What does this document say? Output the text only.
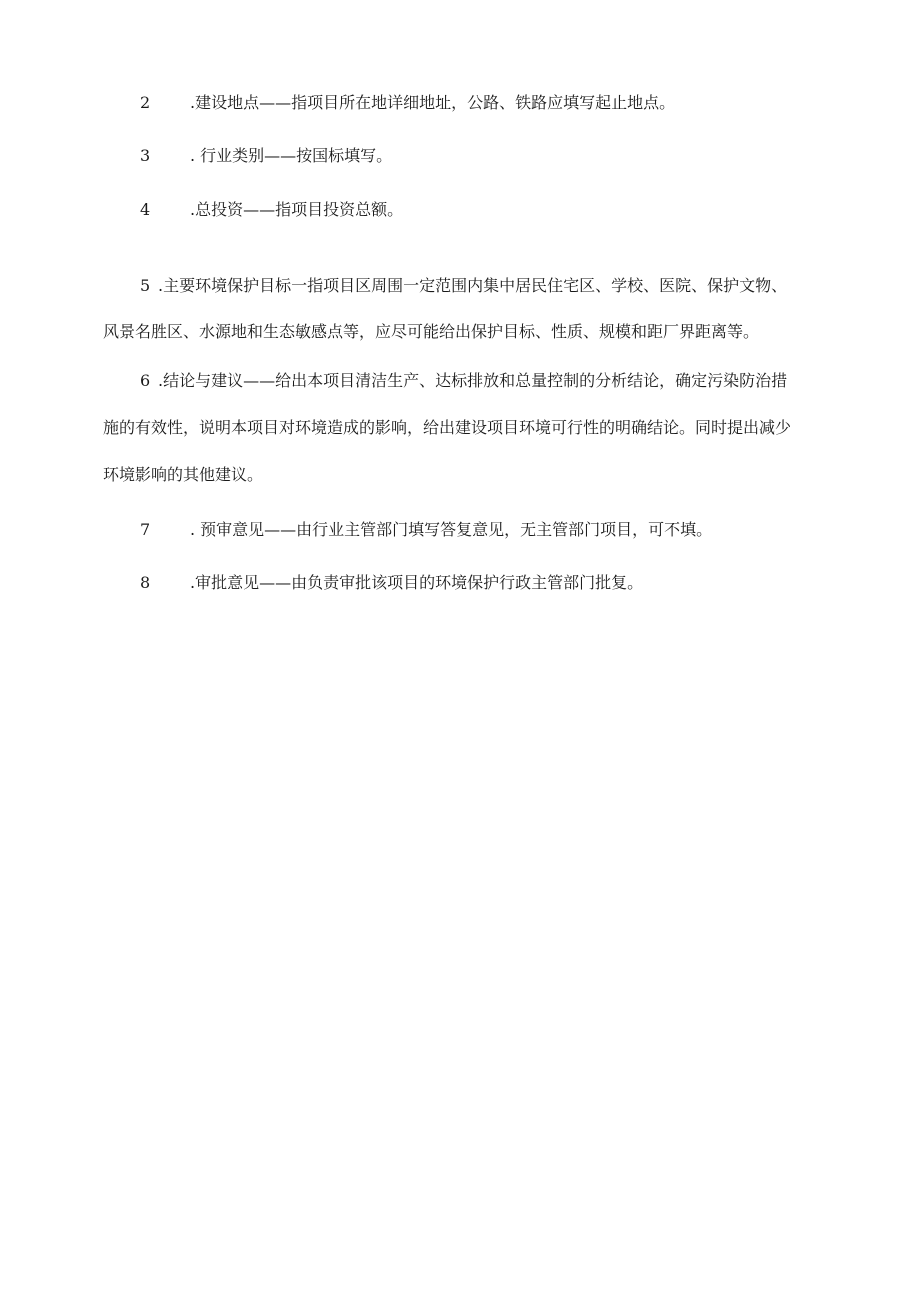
2 .建设地点——指项目所在地详细地址，公路、铁路应填写起止地点。
3 . 行业类别——按国标填写。
4 .总投资——指项目投资总额。
5 .主要环境保护目标一指项目区周围一定范围内集中居民住宅区、学校、医院、保护文物、
风景名胜区、水源地和生态敏感点等，应尽可能给出保护目标、性质、规模和距厂界距离等。
6 .结论与建议——给出本项目清洁生产、达标排放和总量控制的分析结论，确定污染防治措
施的有效性，说明本项目对环境造成的影响，给出建设项目环境可行性的明确结论。同时提出减少
环境影响的其他建议。
7 . 预审意见——由行业主管部门填写答复意见，无主管部门项目，可不填。
8 .审批意见——由负责审批该项目的环境保护行政主管部门批复。
